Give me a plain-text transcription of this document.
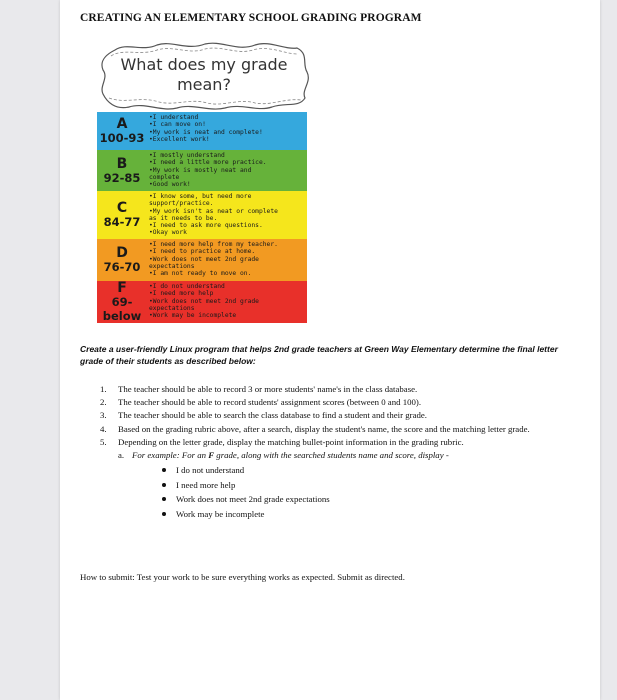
CREATING AN ELEMENTARY SCHOOL GRADING PROGRAM
What does my grade
mean?
A
100-93
•I understand
•I can move on!
•My work is neat and complete!
•Excellent work!
B
92-85
•I mostly understand
•I need a little more practice.
•My work is mostly neat and
complete
•Good work!
C
84-77
•I know some, but need more
support/practice.
•My work isn't as neat or complete
as it needs to be.
•I need to ask more questions.
•Okay work
D
76-70
•I need more help from my teacher.
•I need to practice at home.
•Work does not meet 2nd grade
expectations
•I am not ready to move on.
F
69-below
•I do not understand
•I need more help
•Work does not meet 2nd grade
expectations
•Work may be incomplete
Create a user-friendly Linux program that helps 2nd grade teachers at Green Way Elementary determine the final letter grade of their students as described below:
1. The teacher should be able to record 3 or more students' name's in the class database.
2. The teacher should be able to record students' assignment scores (between 0 and 100).
3. The teacher should be able to search the class database to find a student and their grade.
4. Based on the grading rubric above, after a search, display the student's name, the score and the matching letter grade.
5. Depending on the letter grade, display the matching bullet-point information in the grading rubric.
a. For example: For an F grade, along with the searched students name and score, display -
I do not understand
I need more help
Work does not meet 2nd grade expectations
Work may be incomplete
How to submit: Test your work to be sure everything works as expected. Submit as directed.
